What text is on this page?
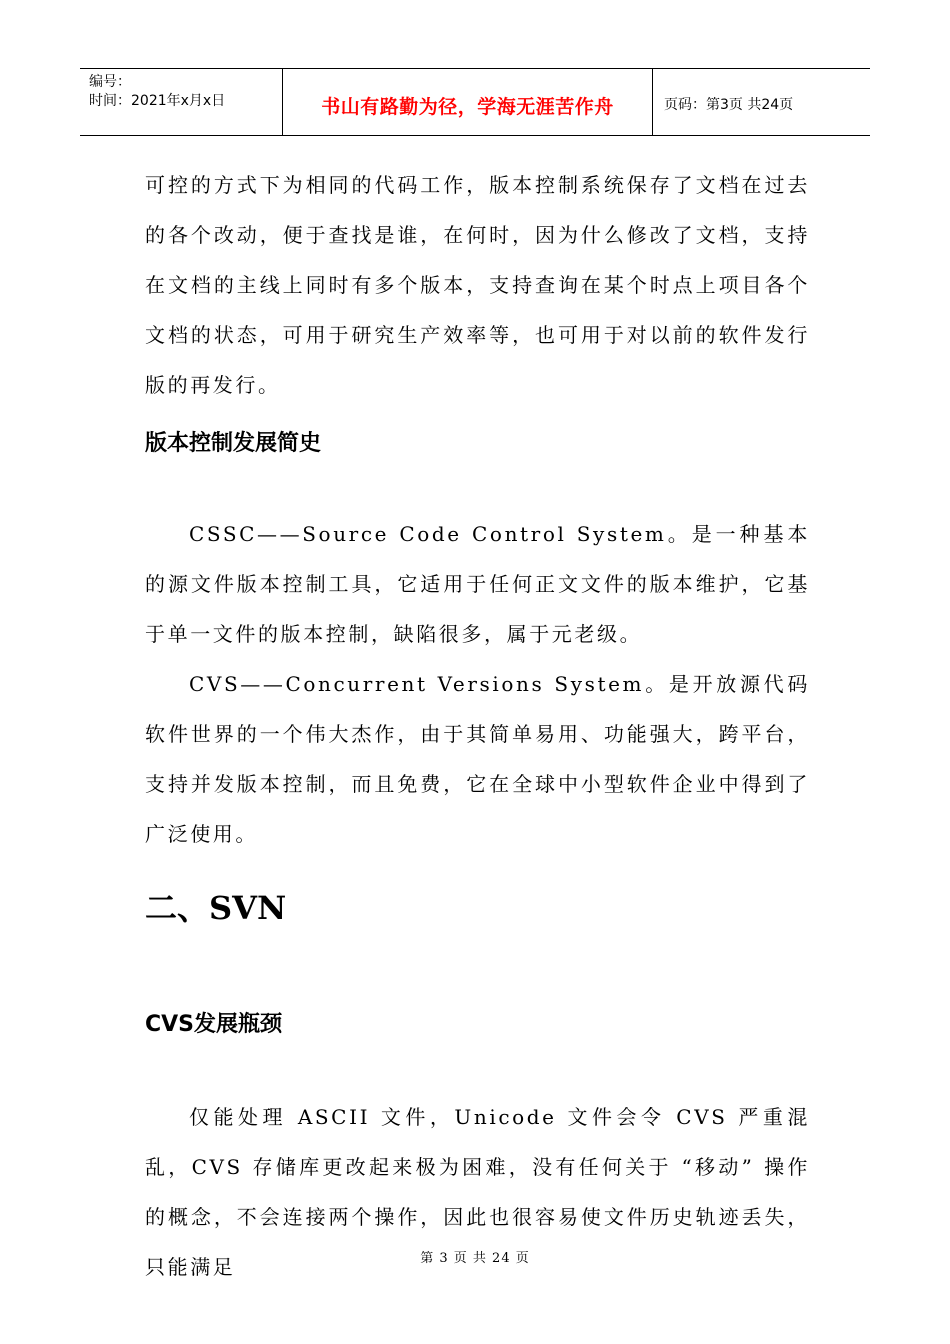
编号：
时间：2021年x月x日	书山有路勤为径，学海无涯苦作舟	页码：第3页 共24页

可控的方式下为相同的代码工作，版本控制系统保存了文档在过去的各个改动，便于查找是谁，在何时，因为什么修改了文档，支持在文档的主线上同时有多个版本，支持查询在某个时点上项目各个文档的状态，可用于研究生产效率等，也可用于对以前的软件发行版的再发行。

版本控制发展简史

CSSC——Source Code Control System。是一种基本的源文件版本控制工具，它适用于任何正文文件的版本维护，它基于单一文件的版本控制，缺陷很多，属于元老级。

CVS——Concurrent Versions System。是开放源代码软件世界的一个伟大杰作，由于其简单易用、功能强大，跨平台，支持并发版本控制，而且免费，它在全球中小型软件企业中得到了广泛使用。

二、SVN

CVS发展瓶颈

仅能处理 ASCII 文件，Unicode 文件会令 CVS 严重混乱，CVS 存储库更改起来极为困难，没有任何关于 “移动” 操作的概念，不会连接两个操作，因此也很容易使文件历史轨迹丢失，只能满足	第 3 页 共 24 页
